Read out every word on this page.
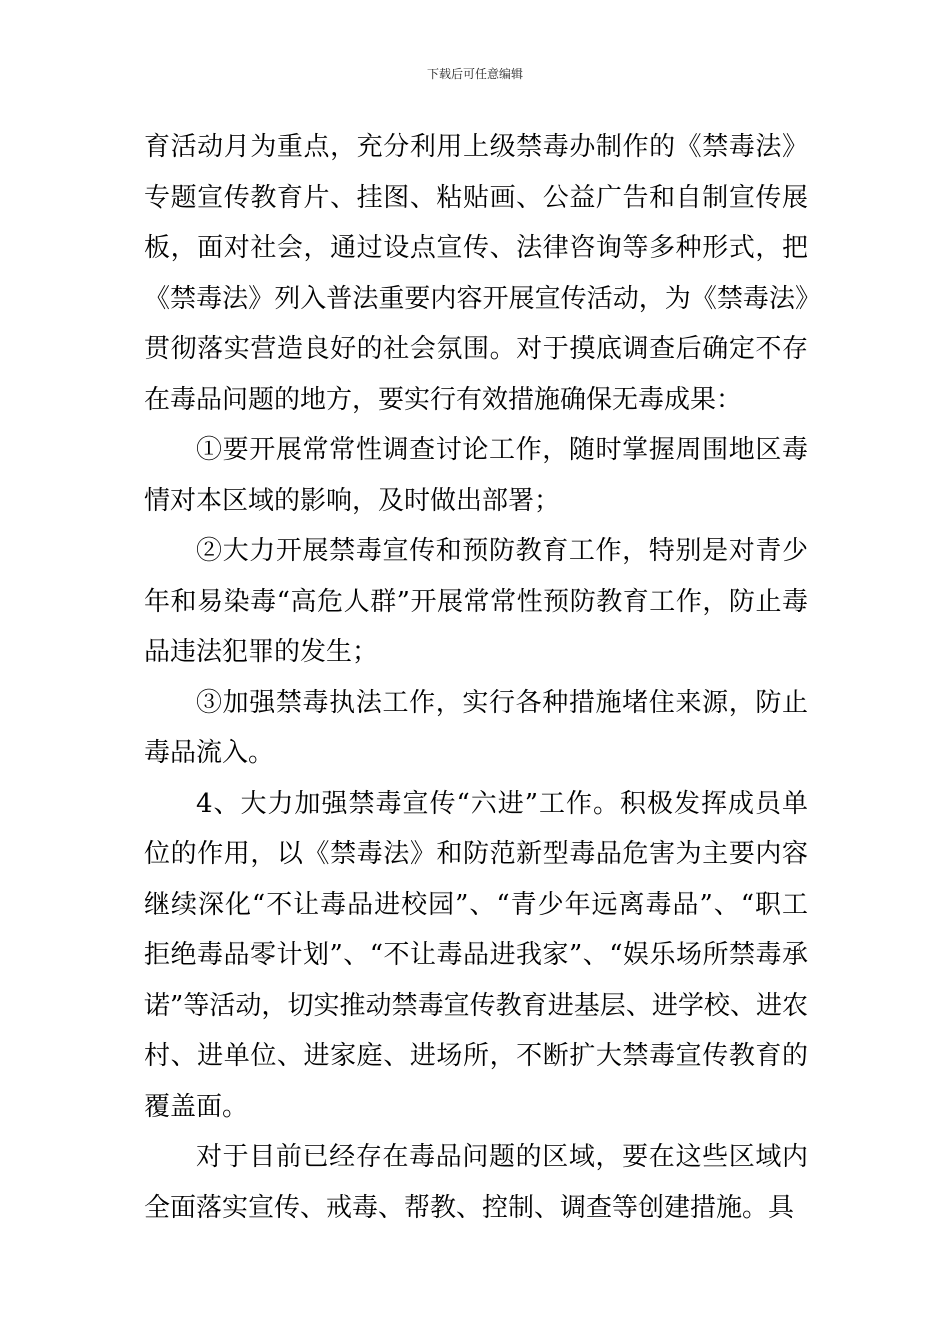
下载后可任意编辑

育活动月为重点，充分利用上级禁毒办制作的《禁毒法》专题宣传教育片、挂图、粘贴画、公益广告和自制宣传展板，面对社会，通过设点宣传、法律咨询等多种形式，把《禁毒法》列入普法重要内容开展宣传活动，为《禁毒法》贯彻落实营造良好的社会氛围。对于摸底调查后确定不存在毒品问题的地方，要实行有效措施确保无毒成果：

①要开展常常性调查讨论工作，随时掌握周围地区毒情对本区域的影响，及时做出部署；

②大力开展禁毒宣传和预防教育工作，特别是对青少年和易染毒“高危人群”开展常常性预防教育工作，防止毒品违法犯罪的发生；

③加强禁毒执法工作，实行各种措施堵住来源，防止毒品流入。

4、大力加强禁毒宣传“六进”工作。积极发挥成员单位的作用，以《禁毒法》和防范新型毒品危害为主要内容继续深化“不让毒品进校园”、“青少年远离毒品”、“职工拒绝毒品零计划”、“不让毒品进我家”、“娱乐场所禁毒承诺”等活动，切实推动禁毒宣传教育进基层、进学校、进农村、进单位、进家庭、进场所，不断扩大禁毒宣传教育的覆盖面。

对于目前已经存在毒品问题的区域，要在这些区域内全面落实宣传、戒毒、帮教、控制、调查等创建措施。具
